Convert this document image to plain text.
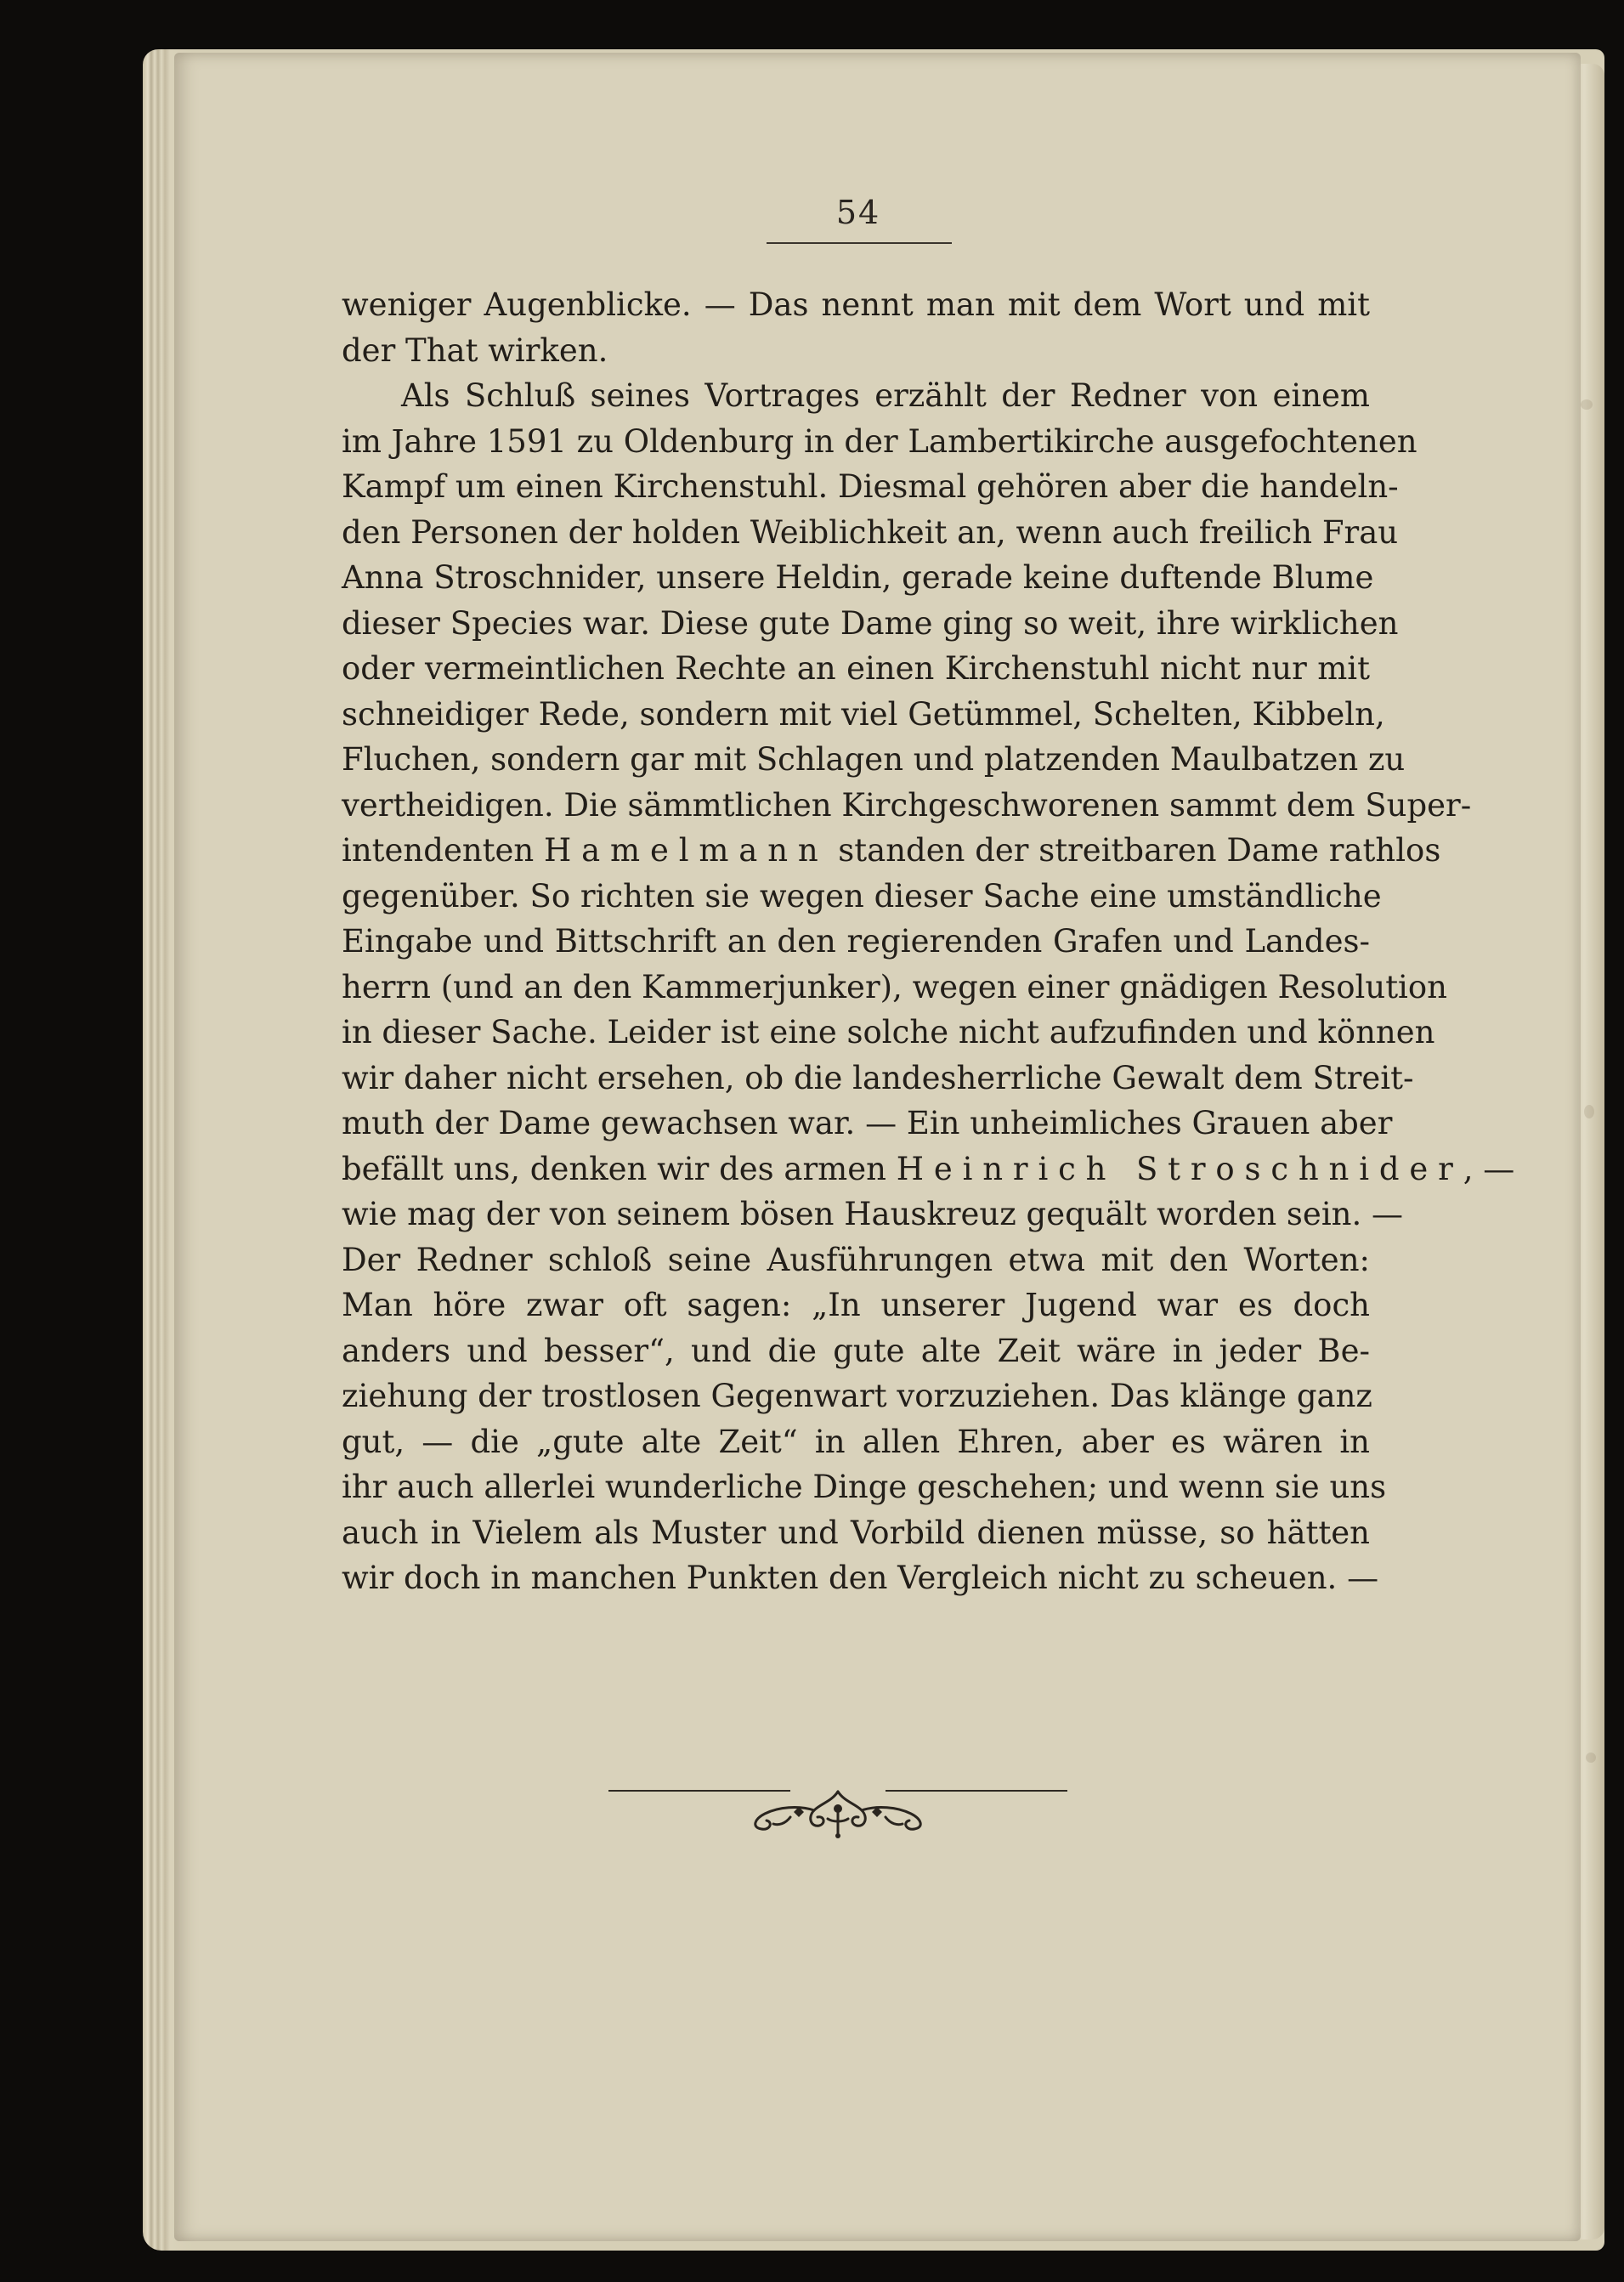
54
weniger Augenblicke. — Das nennt man mit dem Wort und mit
der That wirken.
Als Schluß seines Vortrages erzählt der Redner von einem
im Jahre 1591 zu Oldenburg in der Lambertikirche ausgefochtenen
Kampf um einen Kirchenstuhl. Diesmal gehören aber die handeln-
den Personen der holden Weiblichkeit an, wenn auch freilich Frau
Anna Stroschnider, unsere Heldin, gerade keine duftende Blume
dieser Species war. Diese gute Dame ging so weit, ihre wirklichen
oder vermeintlichen Rechte an einen Kirchenstuhl nicht nur mit
schneidiger Rede, sondern mit viel Getümmel, Schelten, Kibbeln,
Fluchen, sondern gar mit Schlagen und platzenden Maulbatzen zu
vertheidigen. Die sämmtlichen Kirchgeschworenen sammt dem Super-
intendenten Hamelmann standen der streitbaren Dame rathlos
gegenüber. So richten sie wegen dieser Sache eine umständliche
Eingabe und Bittschrift an den regierenden Grafen und Landes-
herrn (und an den Kammerjunker), wegen einer gnädigen Resolution
in dieser Sache. Leider ist eine solche nicht aufzufinden und können
wir daher nicht ersehen, ob die landesherrliche Gewalt dem Streit-
muth der Dame gewachsen war. — Ein unheimliches Grauen aber
befällt uns, denken wir des armen Heinrich Stroschnider
wie mag der von seinem bösen Hauskreuz gequält worden sein. —
Der Redner schloß seine Ausführungen etwa mit den Worten:
Man höre zwar oft sagen: „In unserer Jugend war es doch
anders und besser“, und die gute alte Zeit wäre in jeder Be-
ziehung der trostlosen Gegenwart vorzuziehen. Das klänge ganz
gut, — die „gute alte Zeit“ in allen Ehren, aber es wären in
ihr auch allerlei wunderliche Dinge geschehen; und wenn sie uns
auch in Vielem als Muster und Vorbild dienen müsse, so hätten
wir doch in manchen Punkten den Vergleich nicht zu scheuen. —
